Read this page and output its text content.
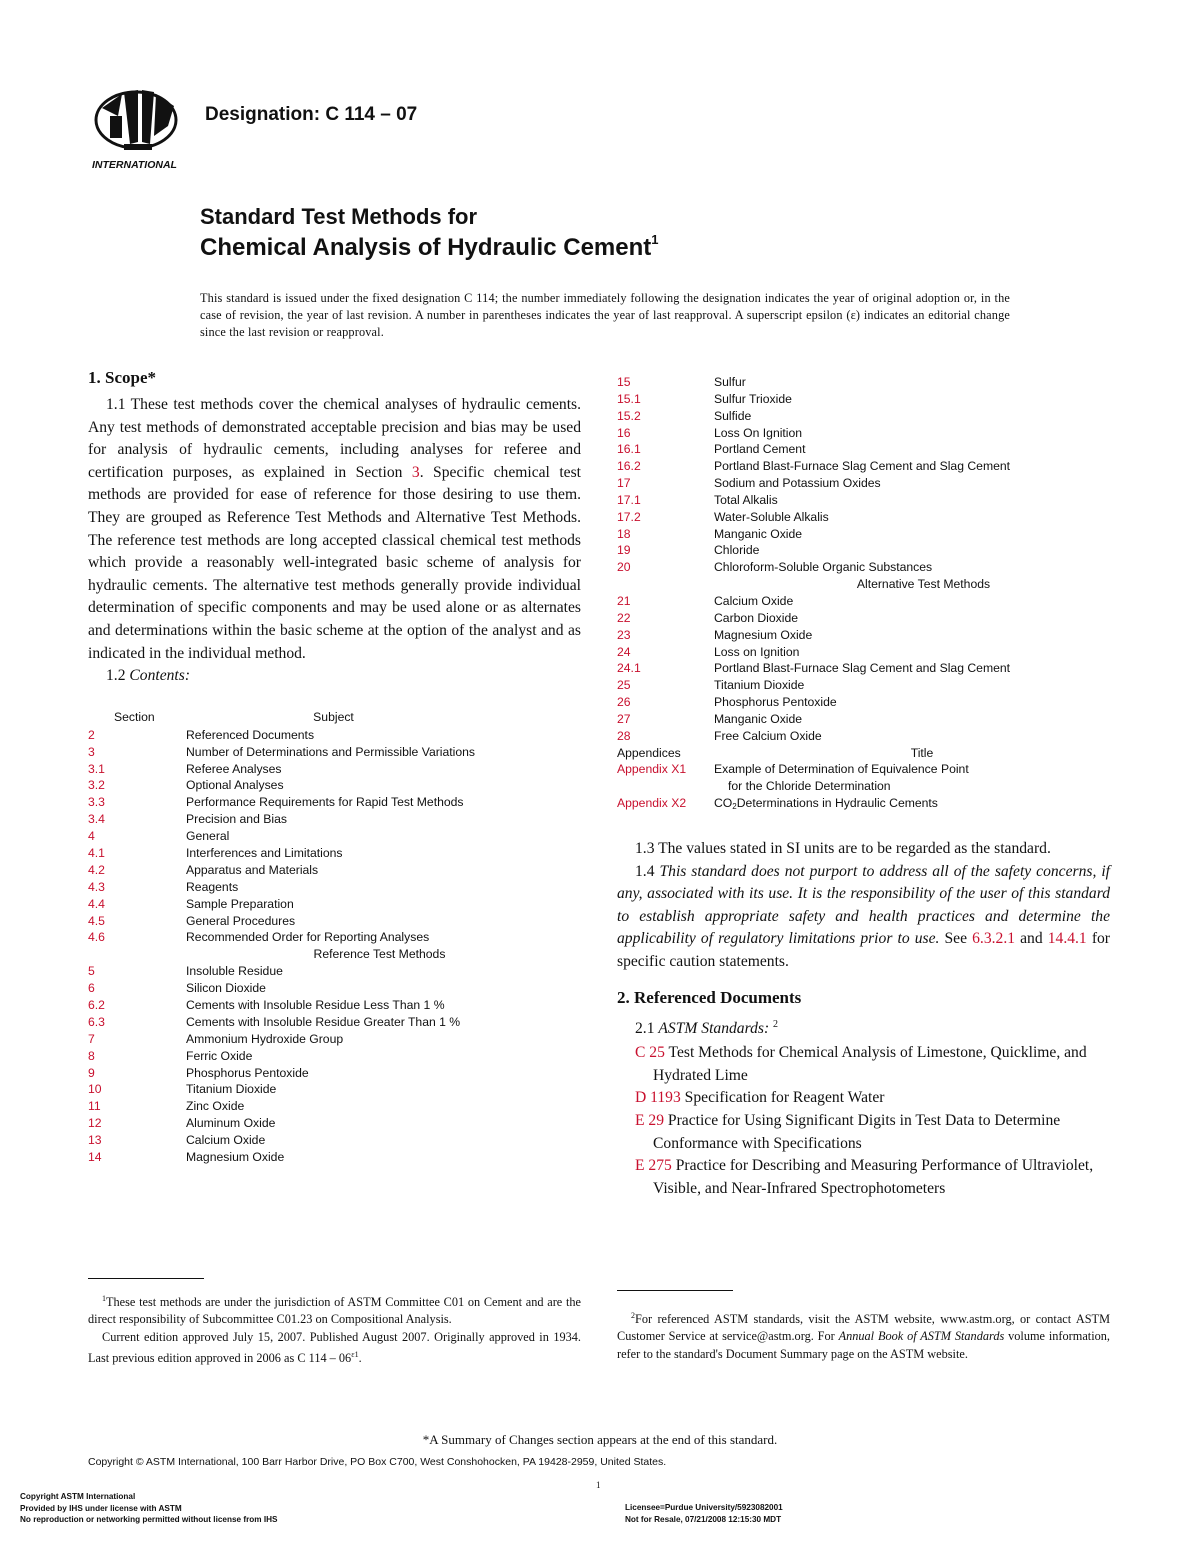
INTERNATIONAL
Designation: C 114 – 07
Standard Test Methods for
Chemical Analysis of Hydraulic Cement$^1$
This standard is issued under the fixed designation C 114; the number immediately following the designation indicates the year of original adoption or, in the case of revision, the year of last revision. A number in parentheses indicates the year of last reapproval. A superscript epsilon (ε) indicates an editorial change since the last revision or reapproval.
1. Scope*

1.1 These test methods cover the chemical analyses of hydraulic cements. Any test methods of demonstrated acceptable precision and bias may be used for analysis of hydraulic cements, including analyses for referee and certification purposes, as explained in Section 3. Specific chemical test methods are provided for ease of reference for those desiring to use them. They are grouped as Reference Test Methods and Alternative Test Methods. The reference test methods are long accepted classical chemical test methods which provide a reasonably well-integrated basic scheme of analysis for hydraulic cements. The alternative test methods generally provide individual determination of specific components and may be used alone or as alternates and determinations within the basic scheme at the option of the analyst and as indicated in the individual method.

1.2 Contents:

Section	Subject
2	Referenced Documents
3	Number of Determinations and Permissible Variations
3.1	Referee Analyses
3.2	Optional Analyses
3.3	Performance Requirements for Rapid Test Methods
3.4	Precision and Bias
4	General
4.1	Interferences and Limitations
4.2	Apparatus and Materials
4.3	Reagents
4.4	Sample Preparation
4.5	General Procedures
4.6	Recommended Order for Reporting Analyses
Reference Test Methods
5	Insoluble Residue
6	Silicon Dioxide
6.2	Cements with Insoluble Residue Less Than 1 %
6.3	Cements with Insoluble Residue Greater Than 1 %
7	Ammonium Hydroxide Group
8	Ferric Oxide
9	Phosphorus Pentoxide
10	Titanium Dioxide
11	Zinc Oxide
12	Aluminum Oxide
13	Calcium Oxide
14	Magnesium Oxide
15	Sulfur
15.1	Sulfur Trioxide
15.2	Sulfide
16	Loss On Ignition
16.1	Portland Cement
16.2	Portland Blast-Furnace Slag Cement and Slag Cement
17	Sodium and Potassium Oxides
17.1	Total Alkalis
17.2	Water-Soluble Alkalis
18	Manganic Oxide
19	Chloride
20	Chloroform-Soluble Organic Substances
Alternative Test Methods
21	Calcium Oxide
22	Carbon Dioxide
23	Magnesium Oxide
24	Loss on Ignition
24.1	Portland Blast-Furnace Slag Cement and Slag Cement
25	Titanium Dioxide
26	Phosphorus Pentoxide
27	Manganic Oxide
28	Free Calcium Oxide
Appendices	Title
Appendix X1	Example of Determination of Equivalence Point
for the Chloride Determination
Appendix X2	CO2Determinations in Hydraulic Cements

1.3 The values stated in SI units are to be regarded as the standard.

1.4 This standard does not purport to address all of the safety concerns, if any, associated with its use. It is the responsibility of the user of this standard to establish appropriate safety and health practices and determine the applicability of regulatory limitations prior to use. See 6.3.2.1 and 14.4.1 for specific caution statements.

2. Referenced Documents

2.1 ASTM Standards: $^2$

C 25 Test Methods for Chemical Analysis of Limestone, Quicklime, and Hydrated Lime

D 1193 Specification for Reagent Water

E 29 Practice for Using Significant Digits in Test Data to Determine Conformance with Specifications

E 275 Practice for Describing and Measuring Performance of Ultraviolet, Visible, and Near-Infrared Spectrophotometers

$^1$These test methods are under the jurisdiction of ASTM Committee C01 on Cement and are the direct responsibility of Subcommittee C01.23 on Compositional Analysis.

Current edition approved July 15, 2007. Published August 2007. Originally approved in 1934. Last previous edition approved in 2006 as C $114 - 06^{\varepsilon 1}$.

$^2$For referenced ASTM standards, visit the ASTM website, www.astm.org, or contact ASTM Customer Service at service@astm.org. For Annual Book of ASTM Standards volume information, refer to the standard's Document Summary page on the ASTM website.

*A Summary of Changes section appears at the end of this standard.
Copyright © ASTM International, 100 Barr Harbor Drive, PO Box C700, West Conshohocken, PA 19428-2959, United States.
1
Copyright ASTM International
Provided by IHS under license with ASTM
No reproduction or networking permitted without license from IHS
Licensee=Purdue University/5923082001
Not for Resale, 07/21/2008 12:15:30 MDT
